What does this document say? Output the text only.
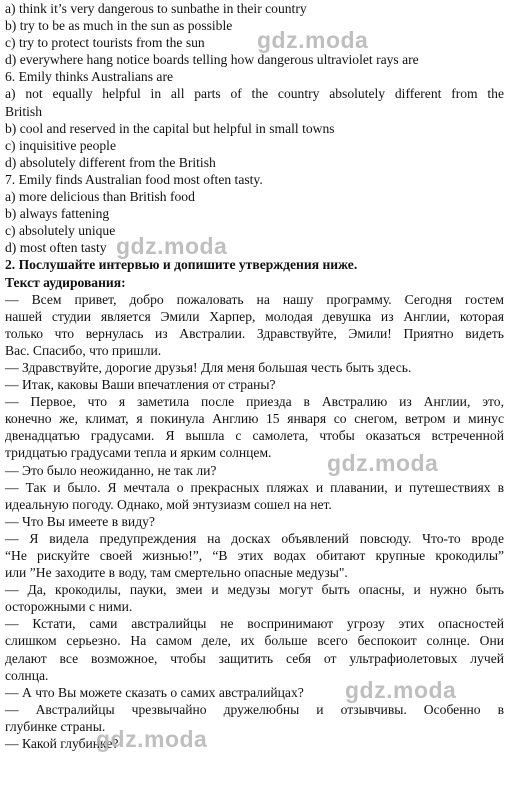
a) think it’s very dangerous to sunbathe in their country
b) try to be as much in the sun as possible
c) try to protect tourists from the sun
d) everywhere hang notice boards telling how dangerous ultraviolet rays are
6. Emily thinks Australians are
a) not equally helpful in all parts of the country absolutely different from the
British
b) cool and reserved in the capital but helpful in small towns
c) inquisitive people
d) absolutely different from the British
7. Emily finds Australian food most often tasty.
a) more delicious than British food
b) always fattening
c) absolutely unique
d) most often tasty
2. Послушайте интервью и допишите утверждения ниже.
Текст аудирования:
— Всем привет, добро пожаловать на нашу программу. Сегодня гостем
нашей студии является Эмили Харпер, молодая девушка из Англии, которая
только что вернулась из Австралии. Здравствуйте, Эмили! Приятно видеть
Вас. Спасибо, что пришли.
— Здравствуйте, дорогие друзья! Для меня большая честь быть здесь.
— Итак, каковы Ваши впечатления от страны?
— Первое, что я заметила после приезда в Австралию из Англии, это,
конечно же, климат, я покинула Англию 15 января со снегом, ветром и минус
двенадцатью градусами. Я вышла с самолета, чтобы оказаться встреченной
тридцатью градусами тепла и ярким солнцем.
— Это было неожиданно, не так ли?
— Так и было. Я мечтала о прекрасных пляжах и плавании, и путешествиях в
идеальную погоду. Однако, мой энтузиазм сошел на нет.
— Что Вы имеете в виду?
— Я видела предупреждения на досках объявлений повсюду. Что-то вроде
“Не рискуйте своей жизнью!”, “В этих водах обитают крупные крокодилы”
или ”Не заходите в воду, там смертельно опасные медузы".
— Да, крокодилы, пауки, змеи и медузы могут быть опасны, и нужно быть
осторожными с ними.
— Кстати, сами австралийцы не воспринимают угрозу этих опасностей
слишком серьезно. На самом деле, их больше всего беспокоит солнце. Они
делают все возможное, чтобы защитить себя от ультрафиолетовых лучей
солнца.
— А что Вы можете сказать о самих австралийцах?
— Австралийцы чрезвычайно дружелюбны и отзывчивы. Особенно в
глубинке страны.
— Какой глубинке?
gdz.moda
gdz.moda
gdz.moda
gdz.moda
gdz.moda
